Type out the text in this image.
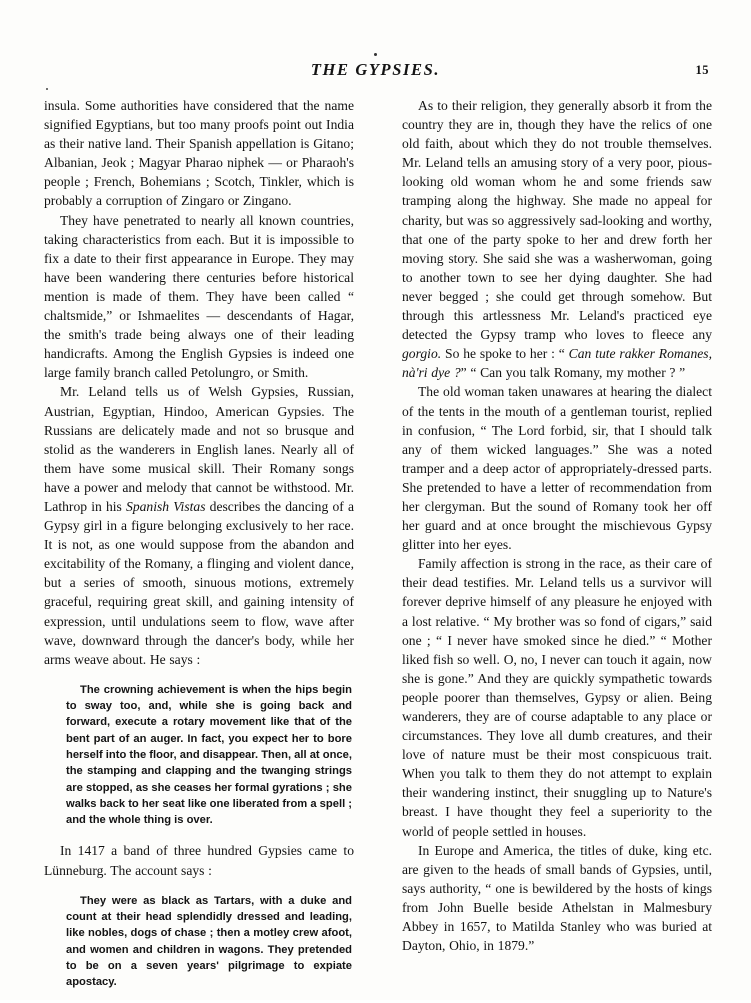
THE GYPSIES.	15

insula. Some authorities have considered that the name signified Egyptians, but too many proofs point out India as their native land. Their Spanish appellation is Gitano; Albanian, Jeok ; Magyar Pharao niphek — or Pharaoh's people ; French, Bohemians ; Scotch, Tinkler, which is probably a corruption of Zingaro or Zingano.

They have penetrated to nearly all known countries, taking characteristics from each. But it is impossible to fix a date to their first appearance in Europe. They may have been wandering there centuries before historical mention is made of them. They have been called “ chaltsmide,” or Ishmaelites — descendants of Hagar, the smith's trade being always one of their leading handicrafts. Among the English Gypsies is indeed one large family branch called Petolungro, or Smith.

Mr. Leland tells us of Welsh Gypsies, Russian, Austrian, Egyptian, Hindoo, American Gypsies. The Russians are delicately made and not so brusque and stolid as the wanderers in English lanes. Nearly all of them have some musical skill. Their Romany songs have a power and melody that cannot be withstood. Mr. Lathrop in his Spanish Vistas describes the dancing of a Gypsy girl in a figure belonging exclusively to her race. It is not, as one would suppose from the abandon and excitability of the Romany, a flinging and violent dance, but a series of smooth, sinuous motions, extremely graceful, requiring great skill, and gaining intensity of expression, until undulations seem to flow, wave after wave, downward through the dancer's body, while her arms weave about. He says :

The crowning achievement is when the hips begin to sway too, and, while she is going back and forward, execute a rotary movement like that of the bent part of an auger. In fact, you expect her to bore herself into the floor, and disappear. Then, all at once, the stamping and clapping and the twanging strings are stopped, as she ceases her formal gyrations ; she walks back to her seat like one liberated from a spell ; and the whole thing is over.

In 1417 a band of three hundred Gypsies came to Lünneburg. The account says :

They were as black as Tartars, with a duke and count at their head splendidly dressed and leading, like nobles, dogs of chase ; then a motley crew afoot, and women and children in wagons. They pretended to be on a seven years' pilgrimage to expiate apostacy.

As to their religion, they generally absorb it from the country they are in, though they have the relics of one old faith, about which they do not trouble themselves. Mr. Leland tells an amusing story of a very poor, pious-looking old woman whom he and some friends saw tramping along the highway. She made no appeal for charity, but was so aggressively sad-looking and worthy, that one of the party spoke to her and drew forth her moving story. She said she was a washerwoman, going to another town to see her dying daughter. She had never begged ; she could get through somehow. But through this artlessness Mr. Leland's practiced eye detected the Gypsy tramp who loves to fleece any gorgio. So he spoke to her : “ Can tute rakker Romanes, nà'ri dye ?” “ Can you talk Romany, my mother ? ”

The old woman taken unawares at hearing the dialect of the tents in the mouth of a gentleman tourist, replied in confusion, “ The Lord forbid, sir, that I should talk any of them wicked languages.” She was a noted tramper and a deep actor of appropriately-dressed parts. She pretended to have a letter of recommendation from her clergyman. But the sound of Romany took her off her guard and at once brought the mischievous Gypsy glitter into her eyes.

Family affection is strong in the race, as their care of their dead testifies. Mr. Leland tells us a survivor will forever deprive himself of any pleasure he enjoyed with a lost relative. “ My brother was so fond of cigars,” said one ; “ I never have smoked since he died.” “ Mother liked fish so well. O, no, I never can touch it again, now she is gone.” And they are quickly sympathetic towards people poorer than themselves, Gypsy or alien. Being wanderers, they are of course adaptable to any place or circumstances. They love all dumb creatures, and their love of nature must be their most conspicuous trait. When you talk to them they do not attempt to explain their wandering instinct, their snuggling up to Nature's breast. I have thought they feel a superiority to the world of people settled in houses.

In Europe and America, the titles of duke, king etc. are given to the heads of small bands of Gypsies, until, says authority, “ one is bewildered by the hosts of kings from John Buelle beside Athelstan in Malmesbury Abbey in 1657, to Matilda Stanley who was buried at Dayton, Ohio, in 1879.”
